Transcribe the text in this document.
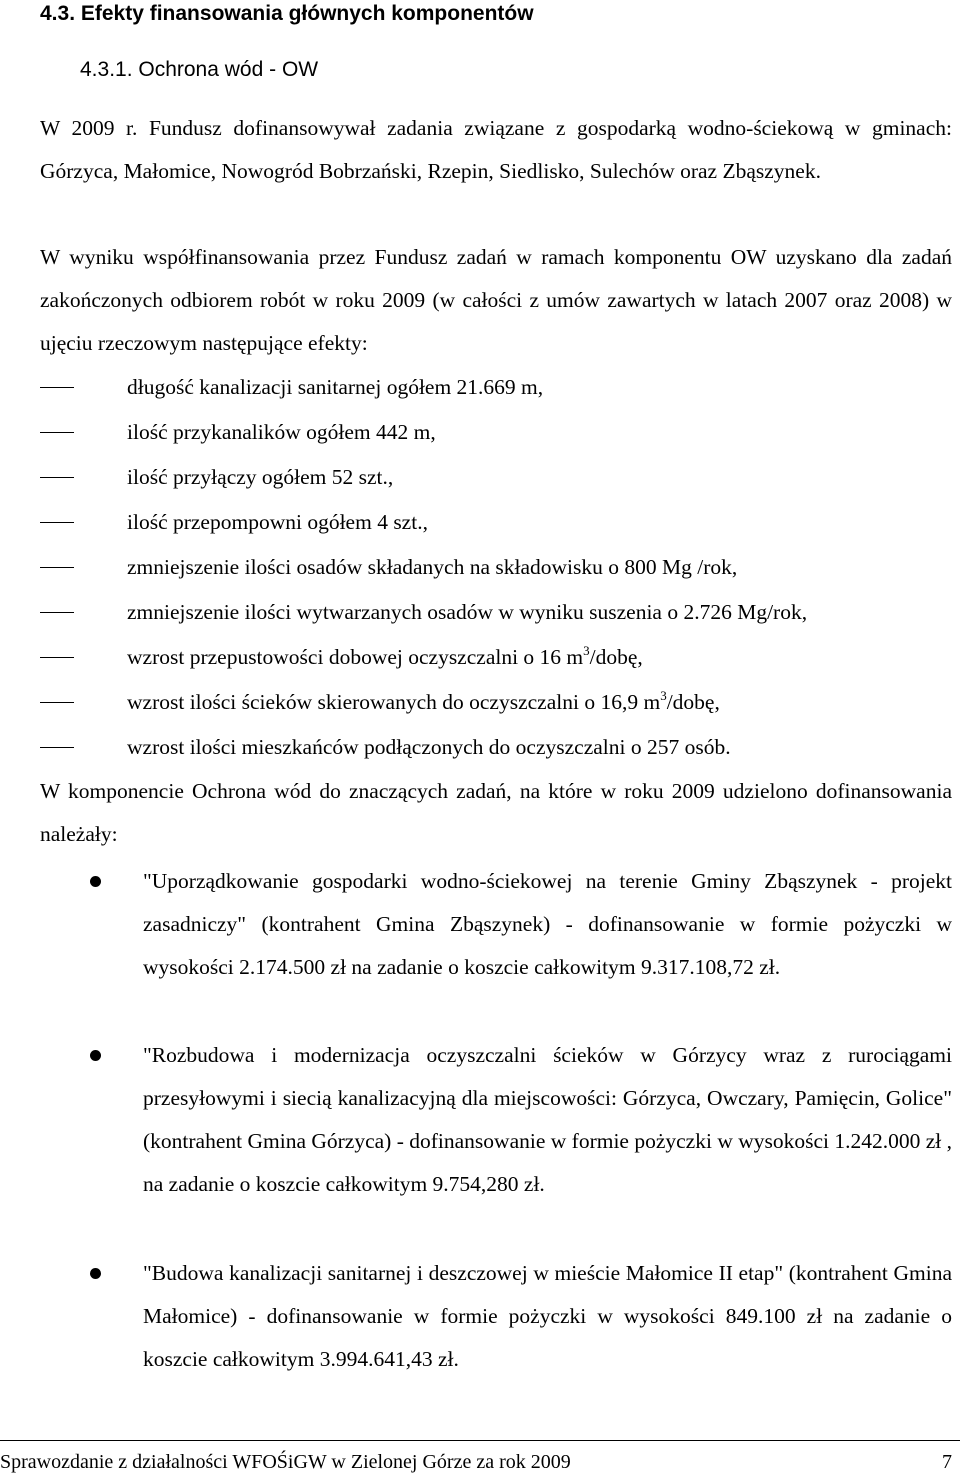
4.3. Efekty finansowania głównych komponentów
4.3.1. Ochrona wód - OW
W 2009 r. Fundusz dofinansowywał zadania związane z gospodarką wodno-ściekową w gminach: Górzyca, Małomice, Nowogród Bobrzański, Rzepin, Siedlisko, Sulechów oraz Zbąszynek.
W wyniku współfinansowania przez Fundusz zadań w ramach komponentu OW uzyskano dla zadań zakończonych odbiorem robót w roku 2009 (w całości z umów zawartych w latach 2007 oraz 2008) w ujęciu rzeczowym następujące efekty:
długość kanalizacji sanitarnej ogółem 21.669 m,
ilość przykanalików ogółem 442 m,
ilość przyłączy ogółem 52 szt.,
ilość przepompowni ogółem 4 szt.,
zmniejszenie ilości osadów składanych na składowisku o 800 Mg /rok,
zmniejszenie ilości wytwarzanych osadów w wyniku suszenia o 2.726 Mg/rok,
wzrost przepustowości dobowej oczyszczalni o 16 $m^3$/dobę,
wzrost ilości ścieków skierowanych do oczyszczalni o 16,9 $m^3$/dobę,
wzrost ilości mieszkańców podłączonych do oczyszczalni o 257 osób.
W komponencie Ochrona wód do znaczących zadań, na które w roku 2009 udzielono dofinansowania należały:
"Uporządkowanie gospodarki wodno-ściekowej na terenie Gminy Zbąszynek - projekt zasadniczy" (kontrahent Gmina Zbąszynek) - dofinansowanie w formie pożyczki w wysokości 2.174.500 zł na zadanie o koszcie całkowitym 9.317.108,72 zł.
"Rozbudowa i modernizacja oczyszczalni ścieków w Górzycy wraz z rurociągami przesyłowymi i siecią kanalizacyjną dla miejscowości: Górzyca, Owczary, Pamięcin, Golice" (kontrahent Gmina Górzyca) - dofinansowanie w formie pożyczki w wysokości 1.242.000 zł , na zadanie o koszcie całkowitym 9.754,280 zł.
"Budowa kanalizacji sanitarnej i deszczowej w mieście Małomice II etap" (kontrahent Gmina Małomice) - dofinansowanie w formie pożyczki w wysokości 849.100 zł na zadanie o koszcie całkowitym 3.994.641,43 zł.
Sprawozdanie z działalności WFOŚiGW w Zielonej Górze za rok 2009	7
